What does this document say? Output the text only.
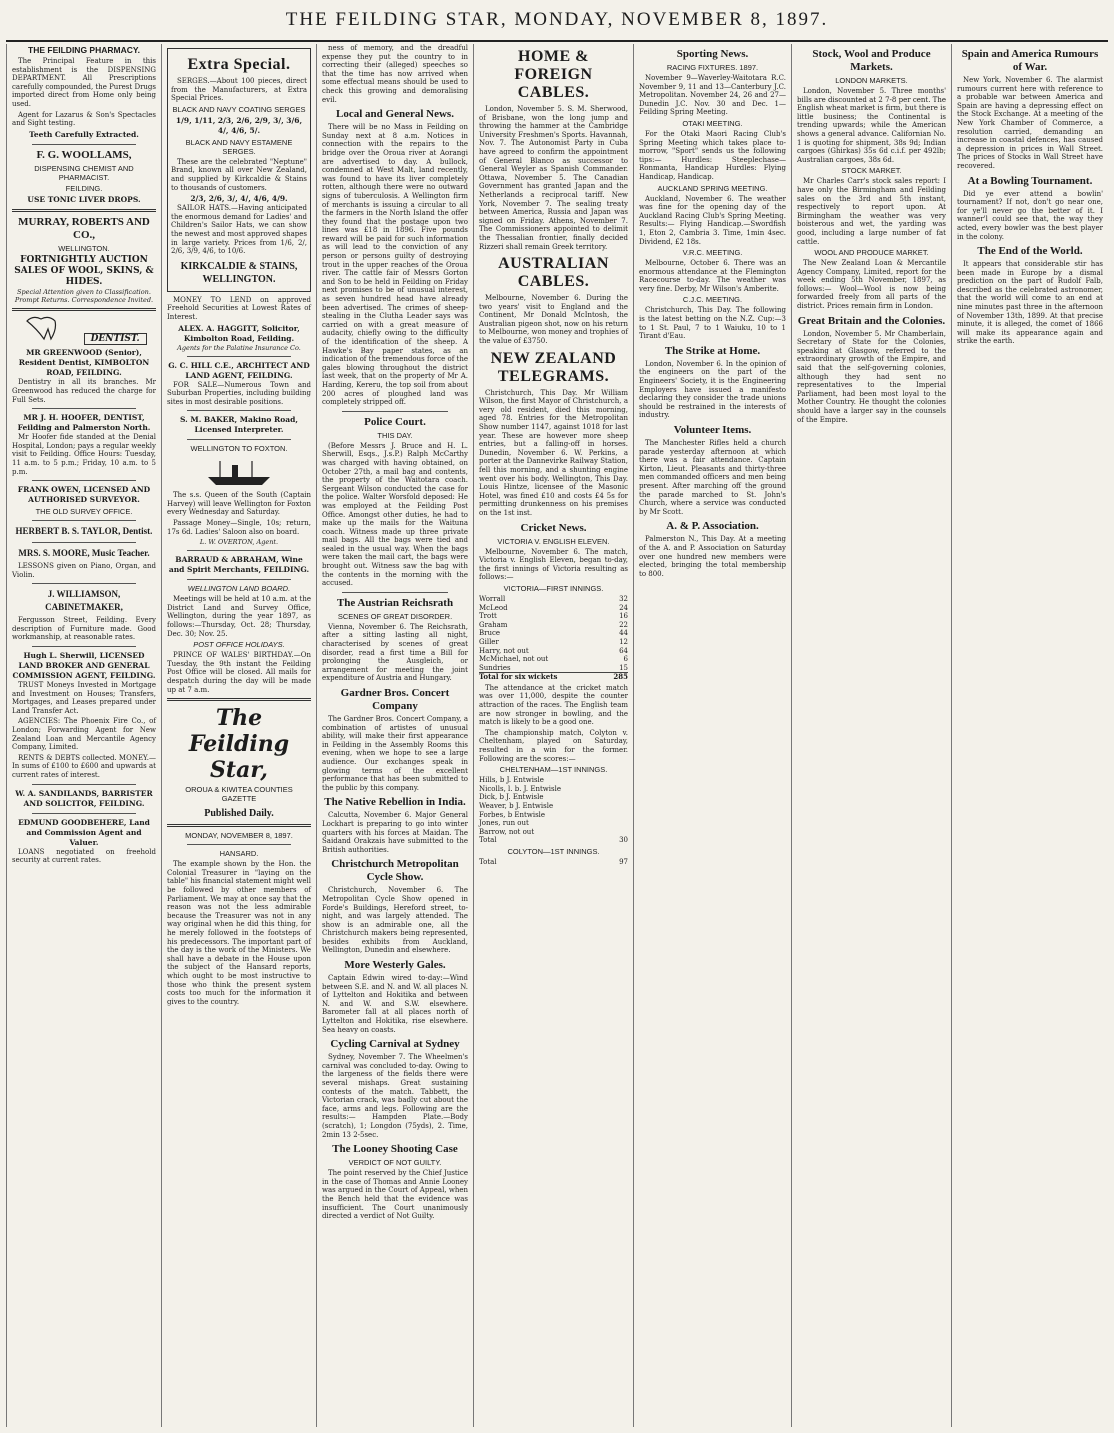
THE FEILDING STAR, MONDAY, NOVEMBER 8, 1897.
THE FEILDING PHARMACY.
The Principal Feature in this establishment is the DISPENSING DEPARTMENT. All Prescriptions carefully compounded, the Purest Drugs imported direct from Home only being used.
Agent for Lazarus & Son's Spectacles and Sight testing.
Teeth Carefully Extracted.
F. G. WOOLLAMS,
DISPENSING CHEMIST AND PHARMACIST.
FEILDING.
USE TONIC LIVER DROPS.
MURRAY, ROBERTS AND CO.,
WELLINGTON.
FORTNIGHTLY AUCTION SALES OF WOOL, SKINS, & HIDES.
Special Attention given to Classification. Prompt Returns. Correspondence Invited.
DENTIST.
MR GREENWOOD (Senior), Resident Dentist, KIMBOLTON ROAD, FEILDING.
Dentistry in all its branches. Mr Greenwood has reduced the charge for Full Sets.
MR J. H. HOOFER, DENTIST, Feilding and Palmerston North.
Mr Hoofer fide standed at the Denial Hospital, London; pays a regular weekly visit to Feilding. Office Hours: Tuesday, 11 a.m. to 5 p.m.; Friday, 10 a.m. to 5 p.m.
FRANK OWEN, LICENSED AND AUTHORISED SURVEYOR.
THE OLD SURVEY OFFICE.
HERBERT B. S. TAYLOR, Dentist.
MRS. S. MOORE, Music Teacher.
LESSONS given on Piano, Organ, and Violin.
J. WILLIAMSON, CABINETMAKER,
Fergusson Street, Feilding. Every description of Furniture made. Good workmanship, at reasonable rates.
Hugh L. Sherwill, LICENSED LAND BROKER AND GENERAL COMMISSION AGENT, FEILDING.
TRUST Moneys Invested in Mortgage and Investment on Houses; Transfers, Mortgages, and Leases prepared under Land Transfer Act.
AGENCIES: The Phoenix Fire Co., of London; Forwarding Agent for New Zealand Loan and Mercantile Agency Company, Limited.
RENTS & DEBTS collected. MONEY.—In sums of £100 to £600 and upwards at current rates of interest.
W. A. SANDILANDS, BARRISTER AND SOLICITOR, FEILDING.
EDMUND GOODBEHERE, Land and Commission Agent and Valuer.
LOANS negotiated on freehold security at current rates.
Extra Special.
SERGES.—About 100 pieces, direct from the Manufacturers, at Extra Special Prices.
BLACK AND NAVY COATING SERGES
1/9, 1/11, 2/3, 2/6, 2/9, 3/, 3/6, 4/, 4/6, 5/.
BLACK AND NAVY ESTAMENE SERGES.
These are the celebrated "Neptune" Brand, known all over New Zealand, and supplied by Kirkcaldie & Stains to thousands of customers.
2/3, 2/6, 3/, 4/, 4/6, 4/9.
SAILOR HATS.—Having anticipated the enormous demand for Ladies' and Children's Sailor Hats, we can show the newest and most approved shapes in large variety. Prices from 1/6, 2/, 2/6, 3/9, 4/6, to 10/6.
KIRKCALDIE & STAINS, WELLINGTON.
MONEY TO LEND on approved Freehold Securities at Lowest Rates of Interest.
ALEX. A. HAGGITT, Solicitor, Kimbolton Road, Feilding.
Agents for the Palatine Insurance Co.
G. C. HILL C.E., ARCHITECT AND LAND AGENT, FEILDING.
FOR SALE—Numerous Town and Suburban Properties, including building sites in most desirable positions.
S. M. BAKER, Makino Road, Licensed Interpreter.
WELLINGTON TO FOXTON.
The s.s. Queen of the South (Captain Harvey) will leave Wellington for Foxton every Wednesday and Saturday.
Passage Money—Single, 10s; return, 17s 6d. Ladies' Saloon also on board.
L. W. OVERTON, Agent.
BARRAUD & ABRAHAM, Wine and Spirit Merchants, FEILDING.
WELLINGTON LAND BOARD.
Meetings will be held at 10 a.m. at the District Land and Survey Office, Wellington, during the year 1897, as follows:—Thursday, Oct. 28; Thursday, Dec. 30; Nov. 25.
POST OFFICE HOLIDAYS.
PRINCE OF WALES' BIRTHDAY.—On Tuesday, the 9th instant the Feilding Post Office will be closed. All mails for despatch during the day will be made up at 7 a.m.
The Feilding Star,
OROUA & KIWITEA COUNTIES GAZETTE
Published Daily.
MONDAY, NOVEMBER 8, 1897.
HANSARD.
The example shown by the Hon. the Colonial Treasurer in "laying on the table" his financial statement might well be followed by other members of Parliament. We may at once say that the reason was not the less admirable because the Treasurer was not in any way original when he did this thing, for he merely followed in the footsteps of his predecessors. The important part of the day is the work of the Ministers. We shall have a debate in the House upon the subject of the Hansard reports, which ought to be most instructive to those who think the present system costs too much for the information it gives to the country.
ness of memory, and the dreadful expense they put the country to in correcting their (alleged) speeches so that the time has now arrived when some effectual means should be used to check this growing and demoralising evil.
Local and General News.
There will be no Mass in Feilding on Sunday next at 8 a.m. Notices in connection with the repairs to the bridge over the Oroua river at Aorangi are advertised to day. A bullock, condemned at West Malt, land recently, was found to have its liver completely rotten, although there were no outward signs of tuberculosis. A Wellington firm of merchants is issuing a circular to all the farmers in the North Island the offer they found that the postage upon two lines was £18 in 1896. Five pounds reward will be paid for such information as will lead to the conviction of any person or persons guilty of destroying trout in the upper reaches of the Oroua river. The cattle fair of Messrs Gorton and Son to be held in Feilding on Friday next promises to be of unusual interest, as seven hundred head have already been advertised. The crimes of sheep-stealing in the Clutha Leader says was carried on with a great measure of audacity, chiefly owing to the difficulty of the identification of the sheep. A Hawke's Bay paper states, as an indication of the tremendous force of the gales blowing throughout the district last week, that on the property of Mr A. Harding, Kereru, the top soil from about 200 acres of ploughed land was completely stripped off.
Police Court.
THIS DAY.
(Before Messrs J. Bruce and H. L. Sherwill, Esqs., J.s.P.) Ralph McCarthy was charged with having obtained, on October 27th, a mail bag and contents, the property of the Waitotara coach. Sergeant Wilson conducted the case for the police. Walter Worsfold deposed: He was employed at the Feilding Post Office. Amongst other duties, he had to make up the mails for the Waituna coach. Witness made up three private mail bags. All the bags were tied and sealed in the usual way. When the bags were taken the mail cart, the bags were brought out. Witness saw the bag with the contents in the morning with the accused.
The Austrian Reichsrath
SCENES OF GREAT DISORDER.
Vienna, November 6. The Reichsrath, after a sitting lasting all night, characterised by scenes of great disorder, read a first time a Bill for prolonging the Ausgleich, or arrangement for meeting the joint expenditure of Austria and Hungary.
Gardner Bros. Concert Company
The Gardner Bros. Concert Company, a combination of artistes of unusual ability, will make their first appearance in Feilding in the Assembly Rooms this evening, when we hope to see a large audience. Our exchanges speak in glowing terms of the excellent performance that has been submitted to the public by this company.
The Native Rebellion in India.
Calcutta, November 6. Major General Lockhart is preparing to go into winter quarters with his forces at Maidan. The Saidand Orakzais have submitted to the British authorities.
Christchurch Metropolitan Cycle Show.
Christchurch, November 6. The Metropolitan Cycle Show opened in Forde's Buildings, Hereford street, to-night, and was largely attended. The show is an admirable one, all the Christchurch makers being represented, besides exhibits from Auckland, Wellington, Dunedin and elsewhere.
More Westerly Gales.
Captain Edwin wired to-day:—Wind between S.E. and N. and W. all places N. of Lyttelton and Hokitika and between N. and W. and S.W. elsewhere. Barometer fall at all places north of Lyttelton and Hokitika, rise elsewhere. Sea heavy on coasts.
Cycling Carnival at Sydney
Sydney, November 7. The Wheelmen's carnival was concluded to-day. Owing to the largeness of the fields there were several mishaps. Great sustaining contests of the match. Tabbett, the Victorian crack, was badly cut about the face, arms and legs. Following are the results:— Hampden Plate.—Body (scratch), 1; Longdon (75yds), 2. Time, 2min 13 2-5sec.
The Looney Shooting Case
VERDICT OF NOT GUILTY.
The point reserved by the Chief Justice in the case of Thomas and Annie Looney was argued in the Court of Appeal, when the Bench held that the evidence was insufficient. The Court unanimously directed a verdict of Not Guilty.
HOME & FOREIGN CABLES.
London, November 5. S. M. Sherwood, of Brisbane, won the long jump and throwing the hammer at the Cambridge University Freshmen's Sports. Havannah, Nov. 7. The Autonomist Party in Cuba have agreed to confirm the appointment of General Blanco as successor to General Weyler as Spanish Commander. Ottawa, November 5. The Canadian Government has granted Japan and the Netherlands a reciprocal tariff. New York, November 7. The sealing treaty between America, Russia and Japan was signed on Friday. Athens, November 7. The Commissioners appointed to delimit the Thessalian frontier, finally decided Rizzeri shall remain Greek territory.
AUSTRALIAN CABLES.
Melbourne, November 6. During the two years' visit to England and the Continent, Mr Donald McIntosh, the Australian pigeon shot, now on his return to Melbourne, won money and trophies of the value of £3750.
NEW ZEALAND TELEGRAMS.
Christchurch, This Day. Mr William Wilson, the first Mayor of Christchurch, a very old resident, died this morning, aged 78. Entries for the Metropolitan Show number 1147, against 1018 for last year. These are however more sheep entries, but a falling-off in horses. Dunedin, November 6. W. Perkins, a porter at the Dannevirke Railway Station, fell this morning, and a shunting engine went over his body. Wellington, This Day. Louis Hintze, licensee of the Masonic Hotel, was fined £10 and costs £4 5s for permitting drunkenness on his premises on the 1st inst.
Cricket News.
VICTORIA V. ENGLISH ELEVEN.
Melbourne, November 6. The match, Victoria v. English Eleven, began to-day, the first innings of Victoria resulting as follows:—
VICTORIA—FIRST INNINGS.
Worrall	32
McLeod	24
Trott	16
Graham	22
Bruce	44
Giller	12
Harry, not out	64
McMichael, not out	6
Sundries	15
Total for six wickets	285
The attendance at the cricket match was over 11,000, despite the counter attraction of the races. The English team are now stronger in bowling, and the match is likely to be a good one.
The championship match, Colyton v. Cheltenham, played on Saturday, resulted in a win for the former. Following are the scores:—
CHELTENHAM—1ST INNINGS.
Hills, b J. Entwisle
Nicolls, l. b. J. Entwisle
Dick, b J. Entwisle
Weaver, b J. Entwisle
Forbes, b Entwisle
Jones, run out
Barrow, not out
Total	30
COLYTON—1ST INNINGS.
Total	97
Sporting News.
RACING FIXTURES. 1897.
November 9—Waverley-Waitotara R.C. November 9, 11 and 13—Canterbury J.C. Metropolitan. November 24, 26 and 27—Dunedin J.C. Nov. 30 and Dec. 1—Feilding Spring Meeting.
OTAKI MEETING.
For the Otaki Maori Racing Club's Spring Meeting which takes place to-morrow, "Sport" sends us the following tips:— Hurdles: Steeplechase—Ronmanta, Handicap Hurdles: Flying Handicap, Handicap.
AUCKLAND SPRING MEETING.
Auckland, November 6. The weather was fine for the opening day of the Auckland Racing Club's Spring Meeting. Results:— Flying Handicap.—Swordfish 1, Eton 2, Cambria 3. Time, 1min 4sec. Dividend, £2 18s.
V.R.C. MEETING.
Melbourne, October 6. There was an enormous attendance at the Flemington Racecourse to-day. The weather was very fine. Derby, Mr Wilson's Amberite.
C.J.C. MEETING.
Christchurch, This Day. The following is the latest betting on the N.Z. Cup:—3 to 1 St. Paul, 7 to 1 Waiuku, 10 to 1 Tirant d'Eau.
The Strike at Home.
London, November 6. In the opinion of the engineers on the part of the Engineers' Society, it is the Engineering Employers have issued a manifesto declaring they consider the trade unions should be restrained in the interests of industry.
Volunteer Items.
The Manchester Rifles held a church parade yesterday afternoon at which there was a fair attendance. Captain Kirton, Lieut. Pleasants and thirty-three men commanded officers and men being present. After marching off the ground the parade marched to St. John's Church, where a service was conducted by Mr Scott.
A. & P. Association.
Palmerston N., This Day. At a meeting of the A. and P. Association on Saturday over one hundred new members were elected, bringing the total membership to 800.
Stock, Wool and Produce Markets.
LONDON MARKETS.
London, November 5. Three months' bills are discounted at 2 7-8 per cent. The English wheat market is firm, but there is little business; the Continental is trending upwards; while the American shows a general advance. Californian No. 1 is quoting for shipment, 38s 9d; Indian cargoes (Ghirkas) 35s 6d c.i.f. per 492lb; Australian cargoes, 38s 6d.
STOCK MARKET.
Mr Charles Carr's stock sales report: I have only the Birmingham and Feilding sales on the 3rd and 5th instant, respectively to report upon. At Birmingham the weather was very boisterous and wet, the yarding was good, including a large number of fat cattle.
WOOL AND PRODUCE MARKET.
The New Zealand Loan & Mercantile Agency Company, Limited, report for the week ending 5th November, 1897, as follows:— Wool—Wool is now being forwarded freely from all parts of the district. Prices remain firm in London.
Great Britain and the Colonies.
London, November 5. Mr Chamberlain, Secretary of State for the Colonies, speaking at Glasgow, referred to the extraordinary growth of the Empire, and said that the self-governing colonies, although they had sent no representatives to the Imperial Parliament, had been most loyal to the Mother Country. He thought the colonies should have a larger say in the counsels of the Empire.
Spain and America Rumours of War.
New York, November 6. The alarmist rumours current here with reference to a probable war between America and Spain are having a depressing effect on the Stock Exchange. At a meeting of the New York Chamber of Commerce, a resolution carried, demanding an increase in coastal defences, has caused a depression in prices in Wall Street. The prices of Stocks in Wall Street have recovered.
At a Bowling Tournament.
Did ye ever attend a bowlin' tournament? If not, don't go near one, for ye'll never go the better of it. I wanner'l could see that, the way they acted, every bowler was the best player in the colony.
The End of the World.
It appears that considerable stir has been made in Europe by a dismal prediction on the part of Rudolf Falb, described as the celebrated astronomer, that the world will come to an end at nine minutes past three in the afternoon of November 13th, 1899. At that precise minute, it is alleged, the comet of 1866 will make its appearance again and strike the earth.
